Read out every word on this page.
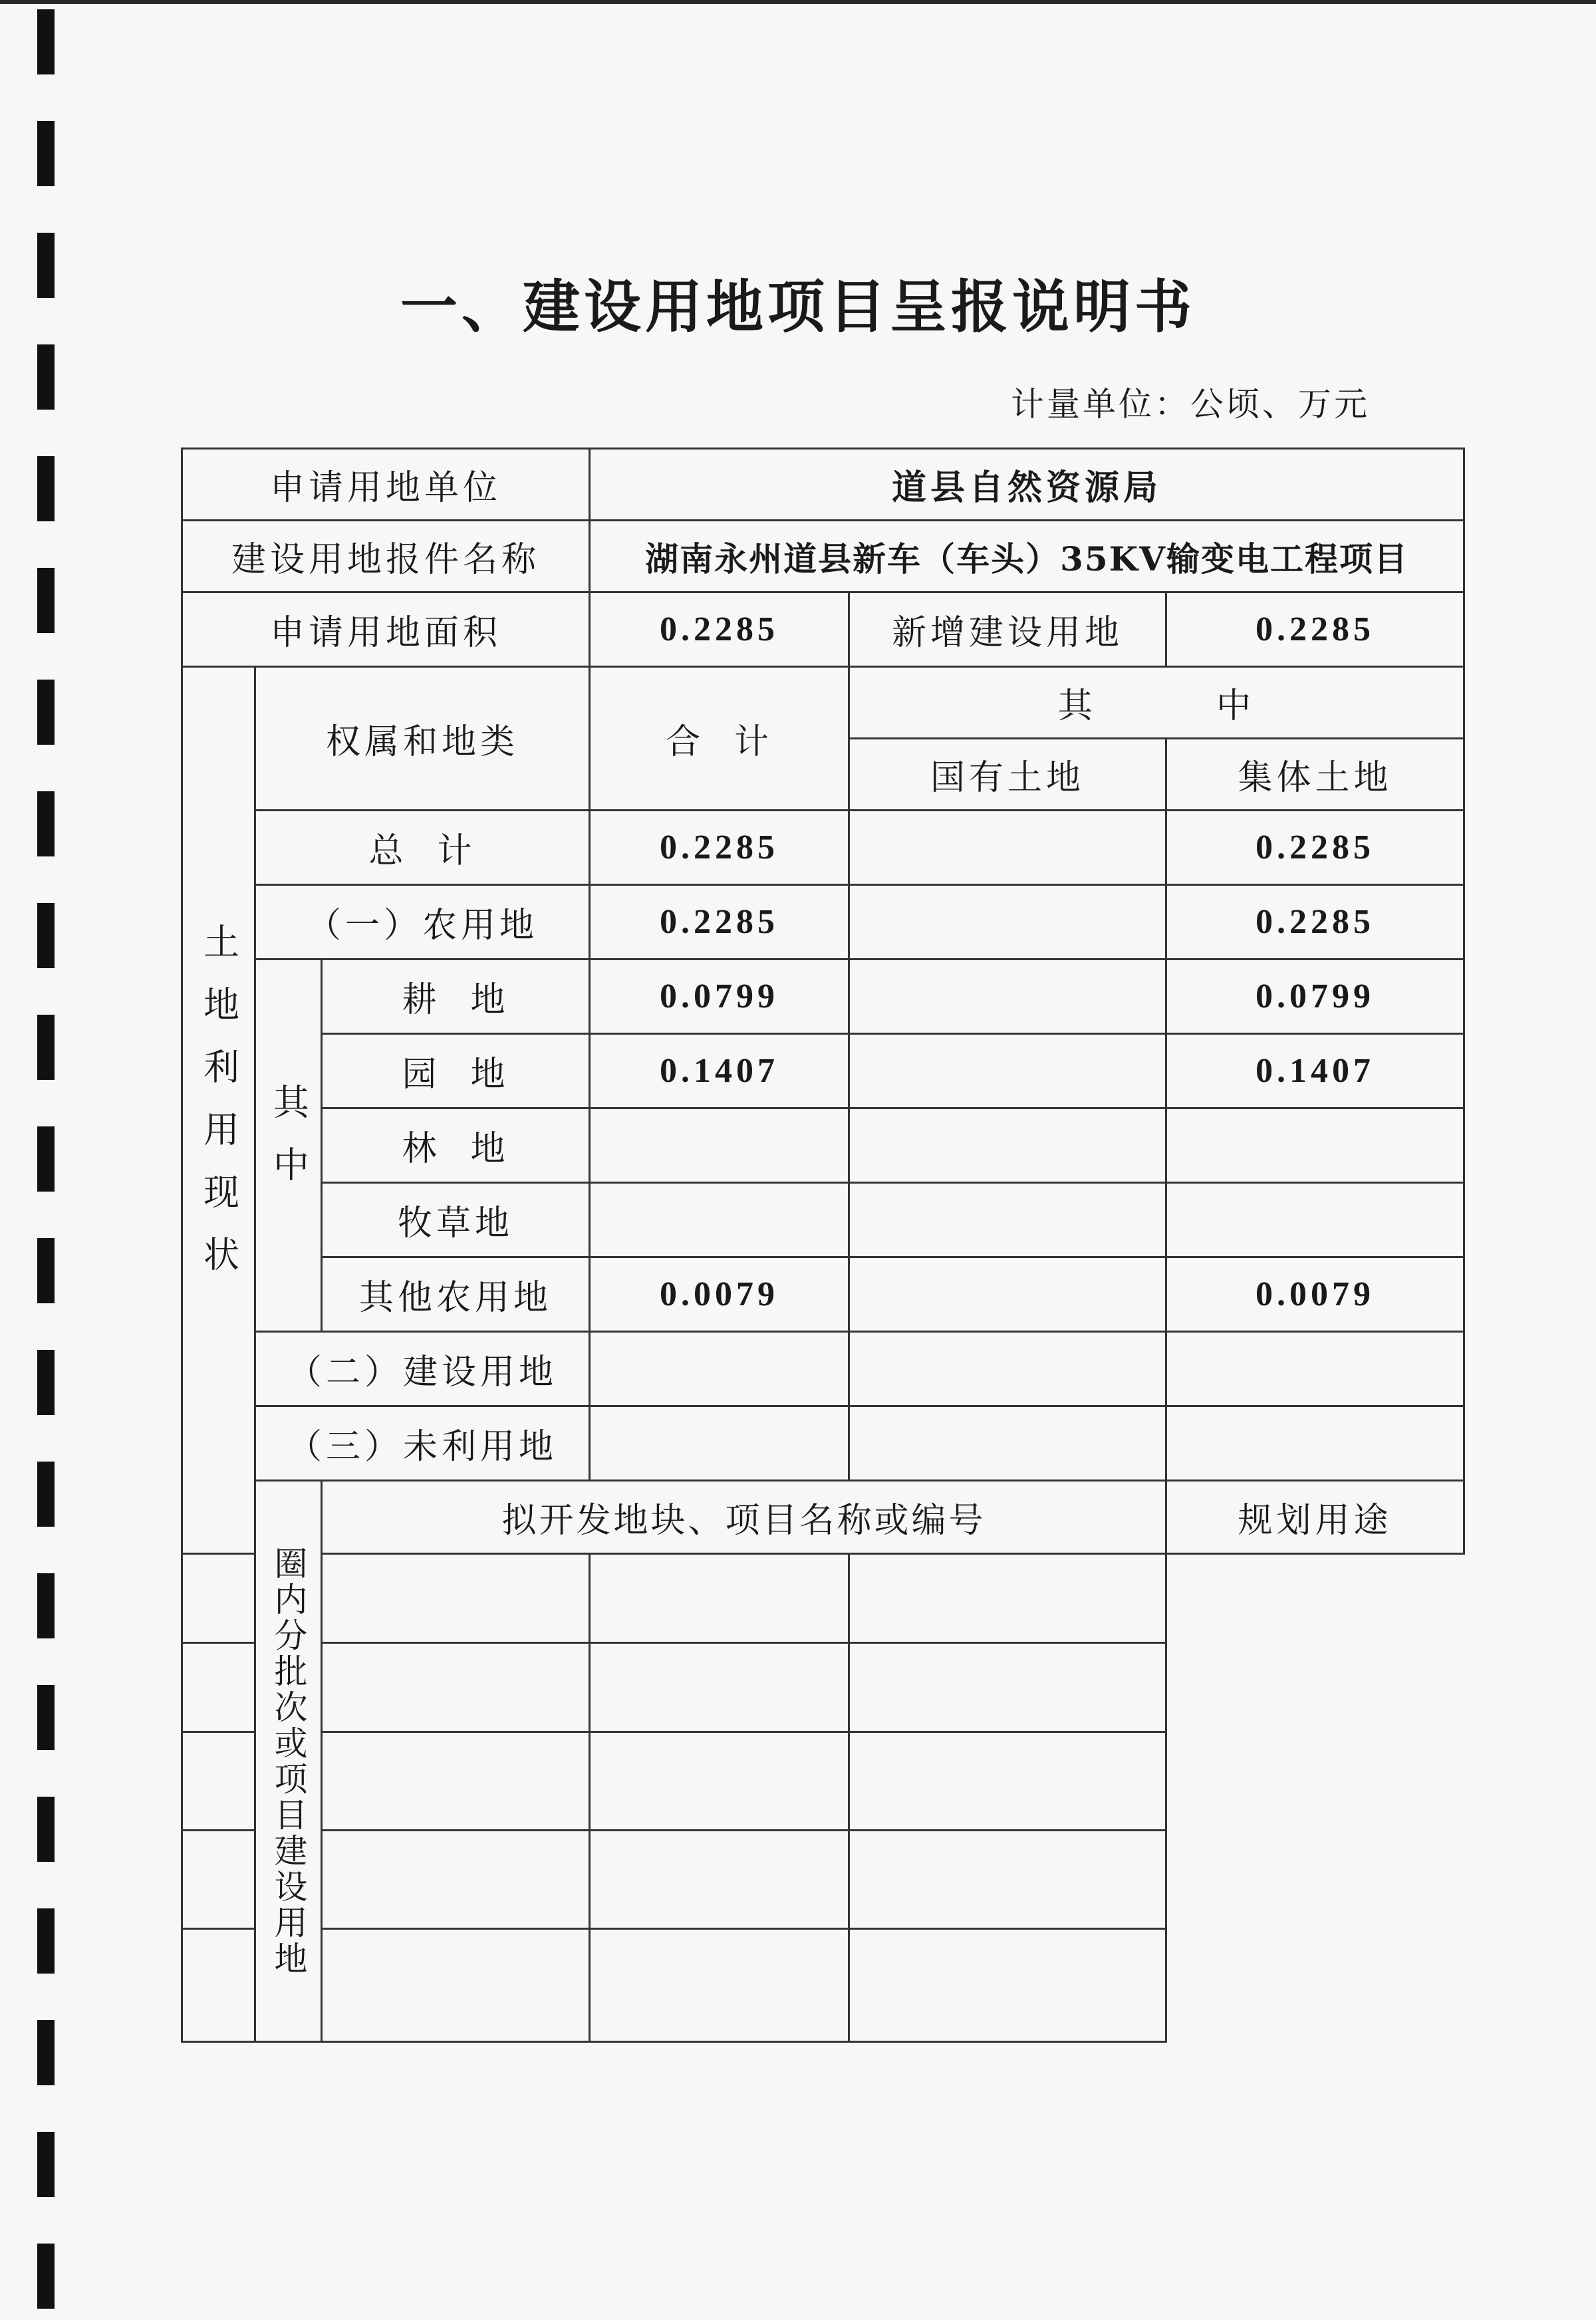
一、建设用地项目呈报说明书
计量单位：公顷、万元
申请用地单位			道县自然资源局			
建设用地报件名称			湖南永州道县新车（车头）35KV输变电工程项目			
申请用地面积			0.2285	新增建设用地	0.2285	

土地利用现状	权属和地类		合  计	其        中		
				国有土地	集体土地	
	总  计		0.2285		0.2285	
	（一）农用地		0.2285		0.2285	

	其中	耕  地	0.0799		0.0799	
		园  地	0.1407		0.1407	
		林  地				
		牧草地				
		其他农用地	0.0079		0.0079	
	（二）建设用地					
	（三）未利用地					

	圈内分批次或项目建设用地	拟开发地块、项目名称或编号			规划用途	
